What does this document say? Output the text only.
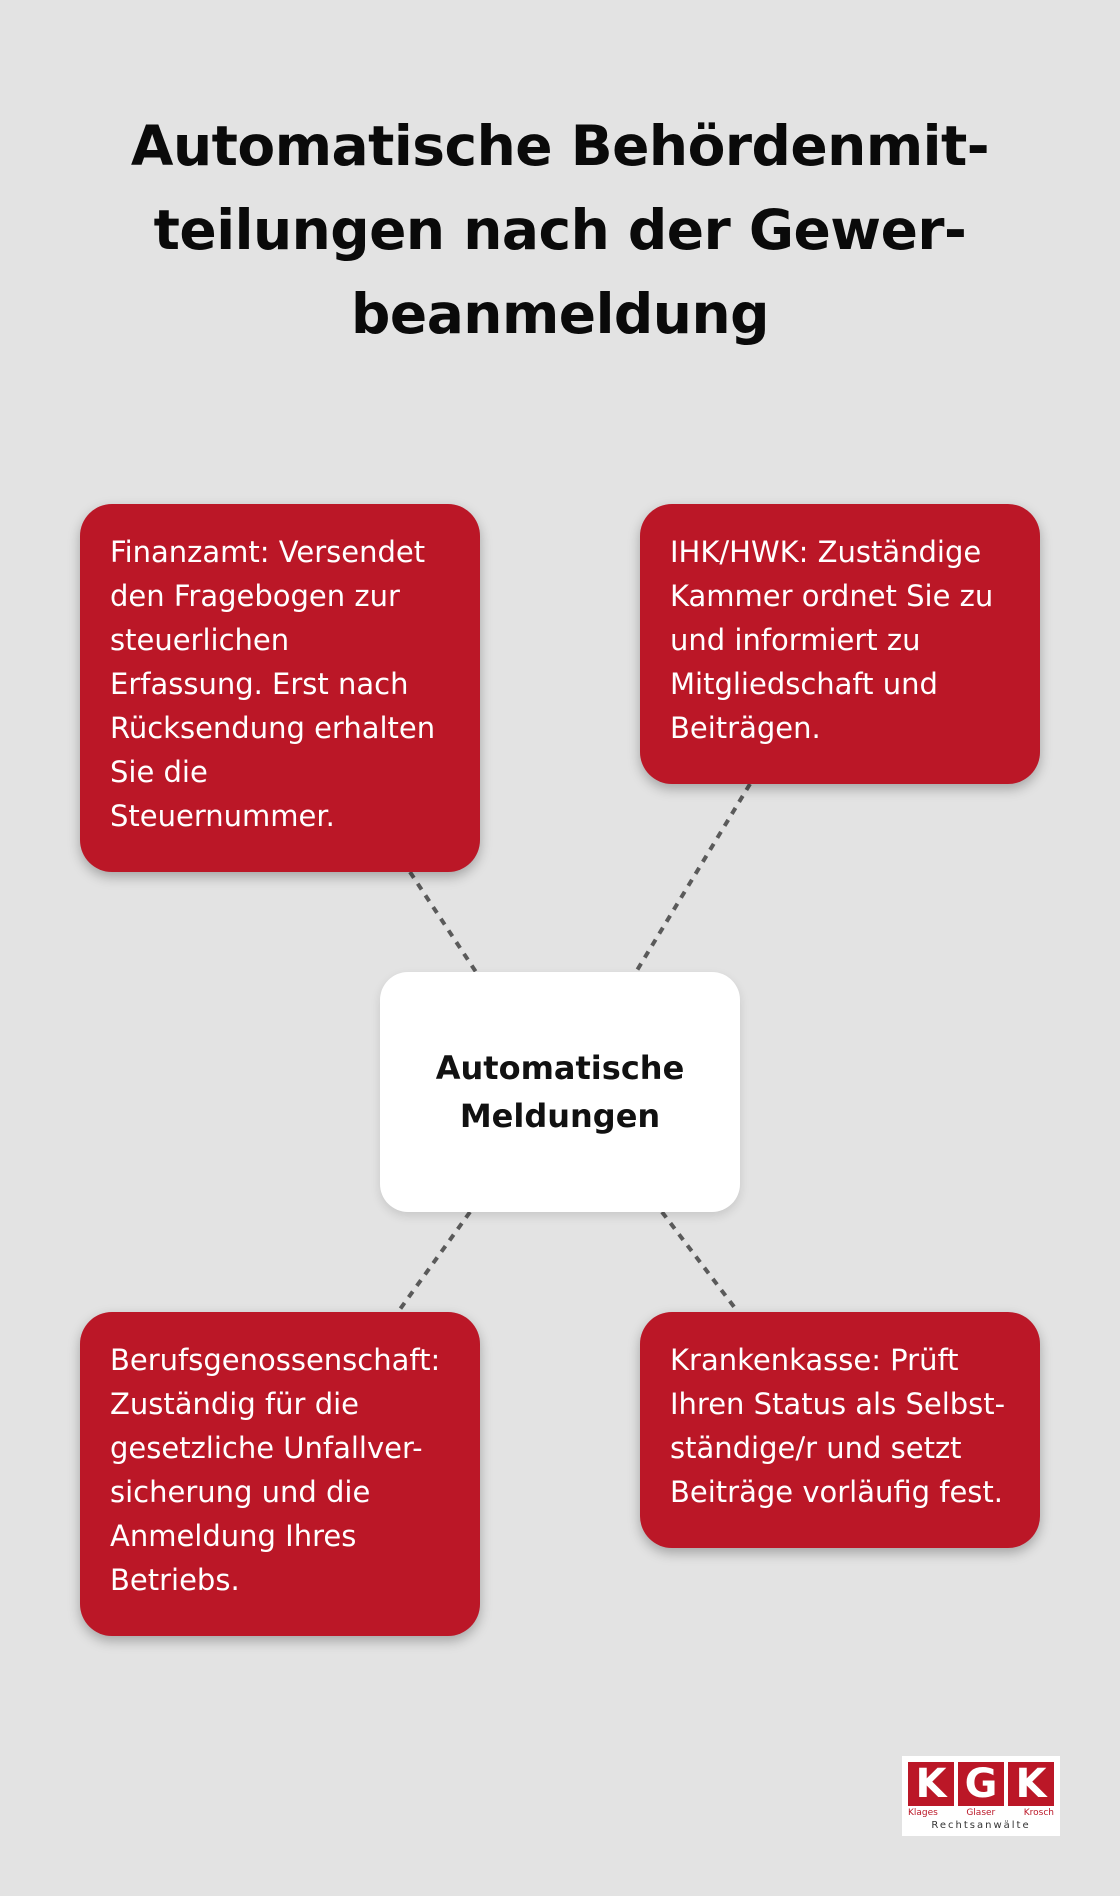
Automatische Behördenmit-
teilungen nach der Gewer-
beanmeldung
Finanzamt: Versendet
den Fragebogen zur
steuerlichen
Erfassung. Erst nach
Rücksendung erhalten
Sie die
Steuernummer.
IHK/HWK: Zuständige
Kammer ordnet Sie zu
und informiert zu
Mitgliedschaft und
Beiträgen.
Automatische
Meldungen
Berufsgenossenschaft:
Zuständig für die
gesetzliche Unfallver-
sicherung und die
Anmeldung Ihres
Betriebs.
Krankenkasse: Prüft
Ihren Status als Selbst-
ständige/r und setzt
Beiträge vorläufig fest.
K G K
Klages	Glaser	Krosch
Rechtsanwälte
